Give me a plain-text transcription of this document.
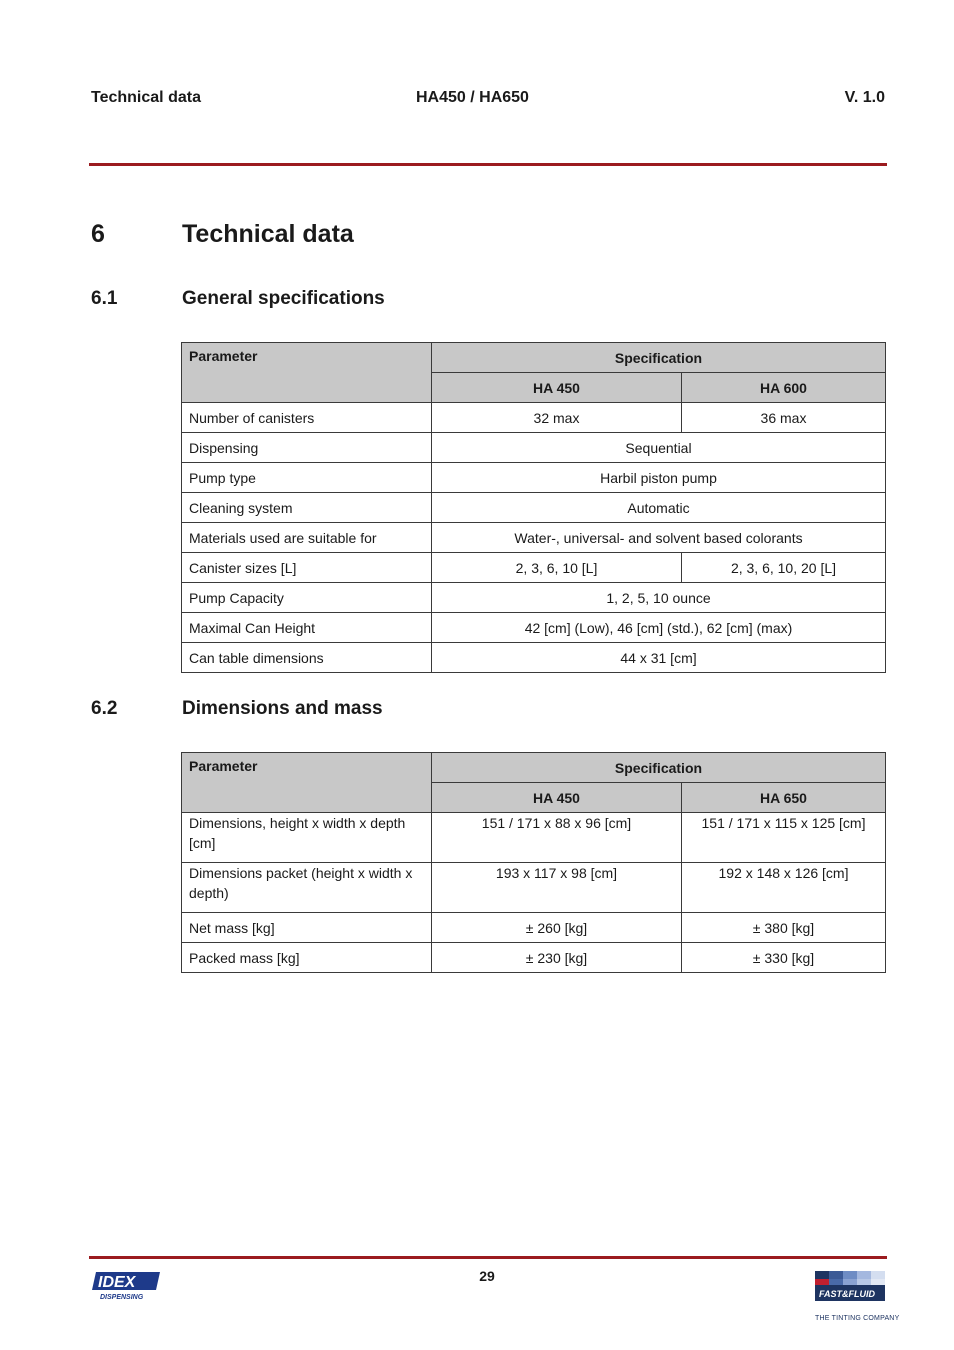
Technical data	HA450 / HA650	V. 1.0
6	Technical data
6.1	General specifications
Parameter	Specification	
	HA 450	HA 600
Number of canisters	32 max	36 max
Dispensing	Sequential	
Pump type	Harbil piston pump	
Cleaning system	Automatic	
Materials used are suitable for	Water-, universal- and solvent based colorants	
Canister sizes [L]	2, 3, 6, 10 [L]	2, 3, 6, 10, 20 [L]
Pump Capacity	1, 2, 5, 10 ounce	
Maximal Can Height	42 [cm] (Low), 46 [cm] (std.), 62 [cm] (max)	
Can table dimensions	44 x 31 [cm]	
6.2	Dimensions and mass
Parameter	Specification	
	HA 450	HA 650
Dimensions, height x width x depth [cm]	151 / 171 x 88 x 96 [cm]	151 / 171 x 115 x 125 [cm]
Dimensions packet (height x width x depth)	193 x 117 x 98 [cm]	192 x 148 x 126 [cm]
Net mass [kg]	± 260 [kg]	± 380 [kg]
Packed mass [kg]	± 230 [kg]	± 330 [kg]
29
IDEX
DISPENSING	FAST&FLUID
THE TINTING COMPANY
